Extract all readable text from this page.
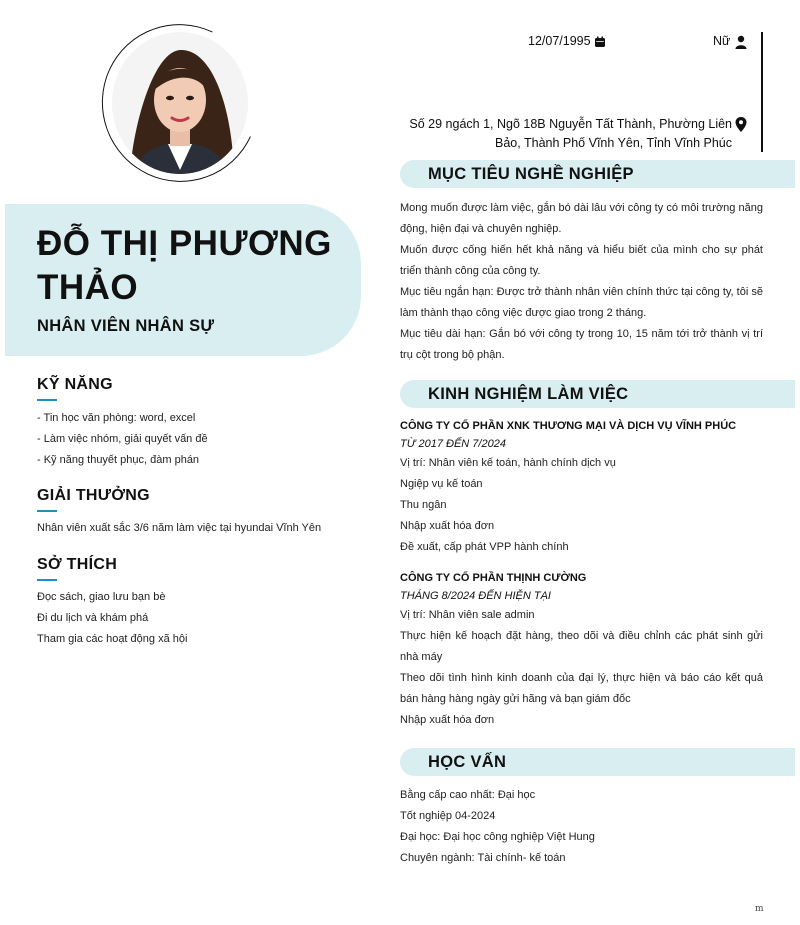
ĐỖ THỊ PHƯƠNG THẢO
NHÂN VIÊN NHÂN SỰ
KỸ NĂNG
- Tin học văn phòng: word, excel
- Làm việc nhóm, giải quyết vấn đề
- Kỹ năng thuyết phục, đàm phán
GIẢI THƯỞNG
Nhân viên xuất sắc 3/6 năm làm việc tại hyundai Vĩnh Yên
SỞ THÍCH
Đọc sách, giao lưu bạn bè
Đi du lịch và khám phá
Tham gia các hoạt động xã hội
12/07/1995	Nữ
Số 29 ngách 1, Ngõ 18B Nguyễn Tất Thành, Phường Liên Bảo, Thành Phố Vĩnh Yên, Tỉnh Vĩnh Phúc
MỤC TIÊU NGHỀ NGHIỆP

Mong muốn được làm việc, gắn bó dài lâu với công ty có môi trường năng động, hiện đại và chuyên nghiệp.

Muốn được cống hiến hết khả năng và hiểu biết của mình cho sự phát triển thành công của công ty.

Mục tiêu ngắn hạn: Được trở thành nhân viên chính thức tại công ty, tôi sẽ làm thành thạo công việc được giao trong 2 tháng.

Mục tiêu dài hạn: Gắn bó với công ty trong 10, 15 năm tới trở thành vị trí trụ cột trong bộ phận.

KINH NGHIỆM LÀM VIỆC
CÔNG TY CỔ PHẦN XNK THƯƠNG MẠI VÀ DỊCH VỤ VĨNH PHÚC
TỪ 2017 ĐẾN 7/2024

Vị trí: Nhân viên kế toán, hành chính dịch vụ

Ngiệp vụ kế toán

Thu ngân

Nhập xuất hóa đơn

Đề xuất, cấp phát VPP hành chính

CÔNG TY CỔ PHẦN THỊNH CƯỜNG
THÁNG 8/2024 ĐẾN HIỆN TẠI

Vị trí: Nhân viên sale admin

Thực hiện kế hoạch đặt hàng, theo dõi và điều chỉnh các phát sinh gửi nhà máy

Theo dõi tình hình kinh doanh của đại lý, thực hiện và báo cáo kết quả bán hàng hàng ngày gửi hãng và bạn giám đốc

Nhập xuất hóa đơn

HỌC VẤN

Bằng cấp cao nhất: Đại học

Tốt nghiệp 04-2024

Đại học: Đại học công nghiệp Việt Hung

Chuyên ngành: Tài chính- kế toán

m
